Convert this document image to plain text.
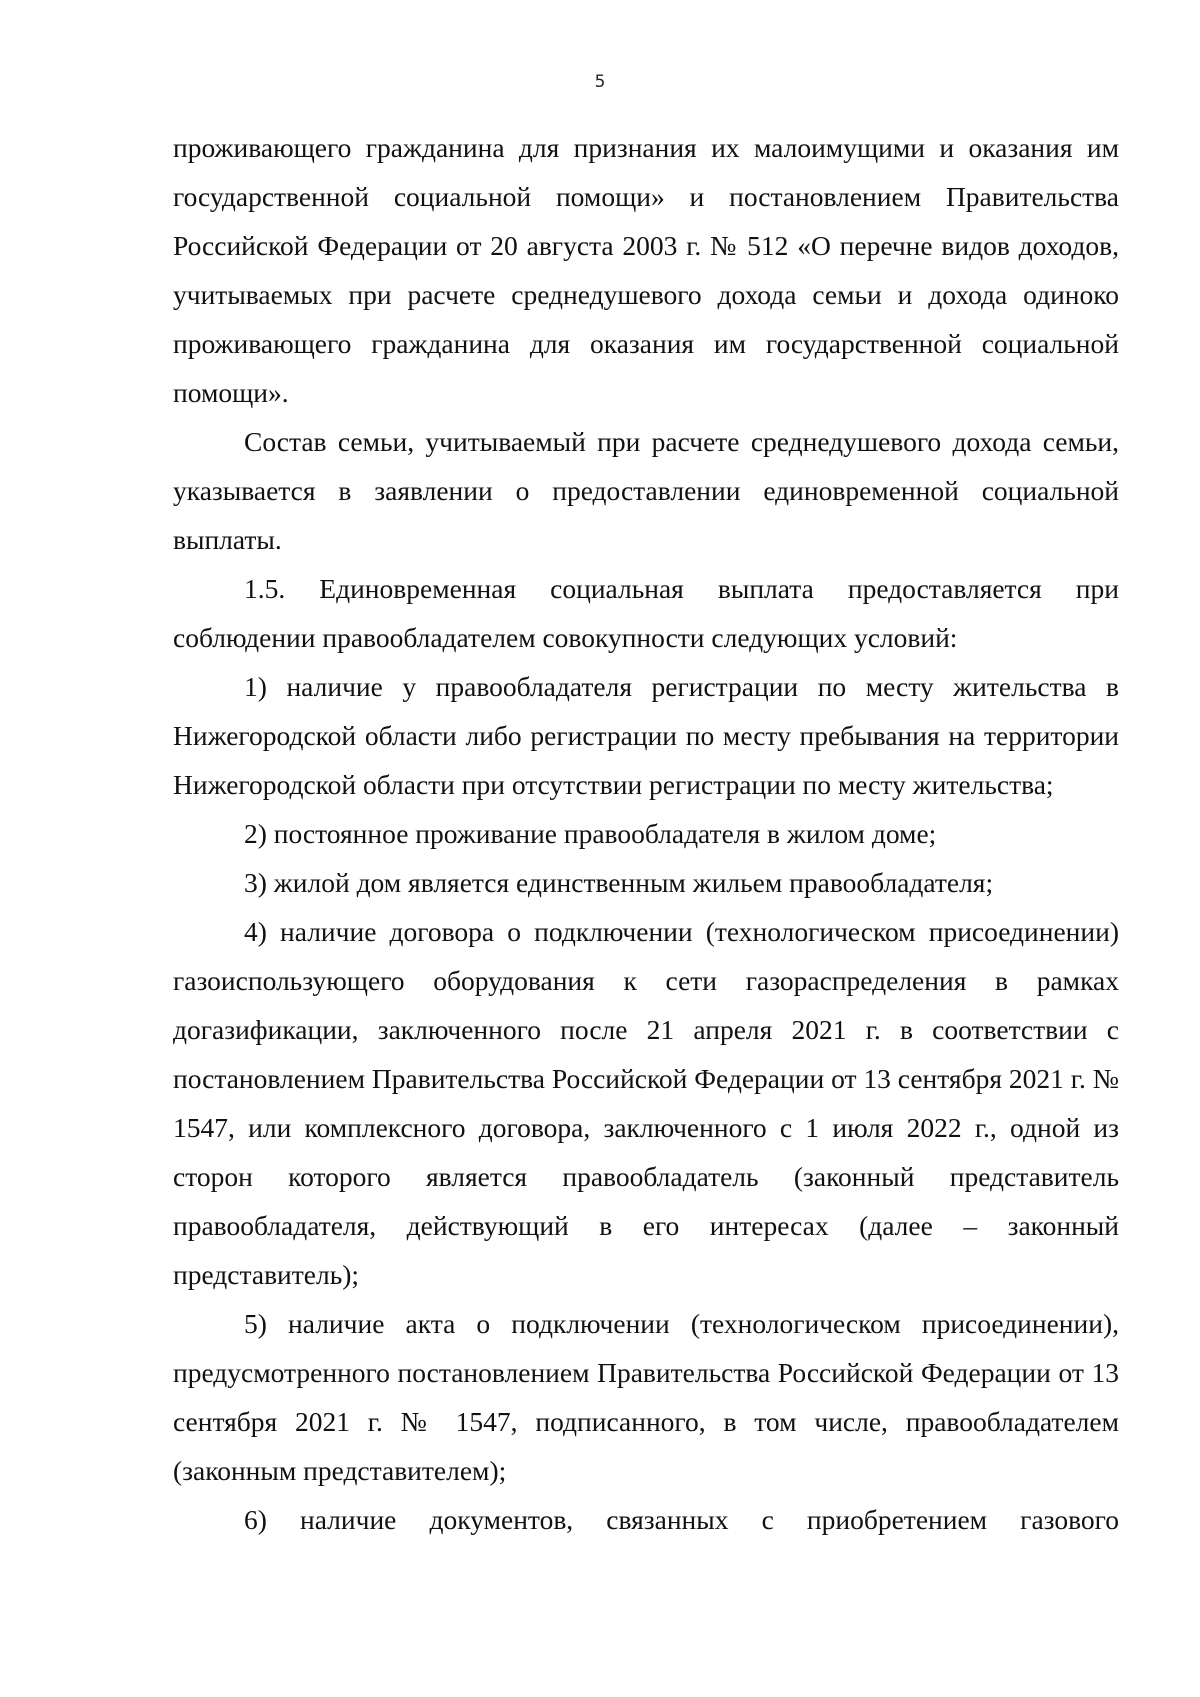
5

проживающего гражданина для признания их малоимущими и оказания им государственной социальной помощи» и постановлением Правительства Российской Федерации от 20 августа 2003 г. № 512 «О перечне видов доходов, учитываемых при расчете среднедушевого дохода семьи и дохода одиноко проживающего гражданина для оказания им государственной социальной помощи».

Состав семьи, учитываемый при расчете среднедушевого дохода семьи, указывается в заявлении о предоставлении единовременной социальной выплаты.

1.5. Единовременная социальная выплата предоставляется при соблюдении правообладателем совокупности следующих условий:

1) наличие у правообладателя регистрации по месту жительства в Нижегородской области либо регистрации по месту пребывания на территории Нижегородской области при отсутствии регистрации по месту жительства;

2) постоянное проживание правообладателя в жилом доме;

3) жилой дом является единственным жильем правообладателя;

4) наличие договора о подключении (технологическом присоединении) газоиспользующего оборудования к сети газораспределения в рамках догазификации, заключенного после 21 апреля 2021 г. в соответствии с постановлением Правительства Российской Федерации от 13 сентября 2021 г. № 1547, или комплексного договора, заключенного с 1 июля 2022 г., одной из сторон которого является правообладатель (законный представитель правообладателя, действующий в его интересах (далее – законный представитель);

5) наличие акта о подключении (технологическом присоединении), предусмотренного постановлением Правительства Российской Федерации от 13 сентября 2021 г. № 1547, подписанного, в том числе, правообладателем (законным представителем);

6) наличие документов, связанных с приобретением газового
